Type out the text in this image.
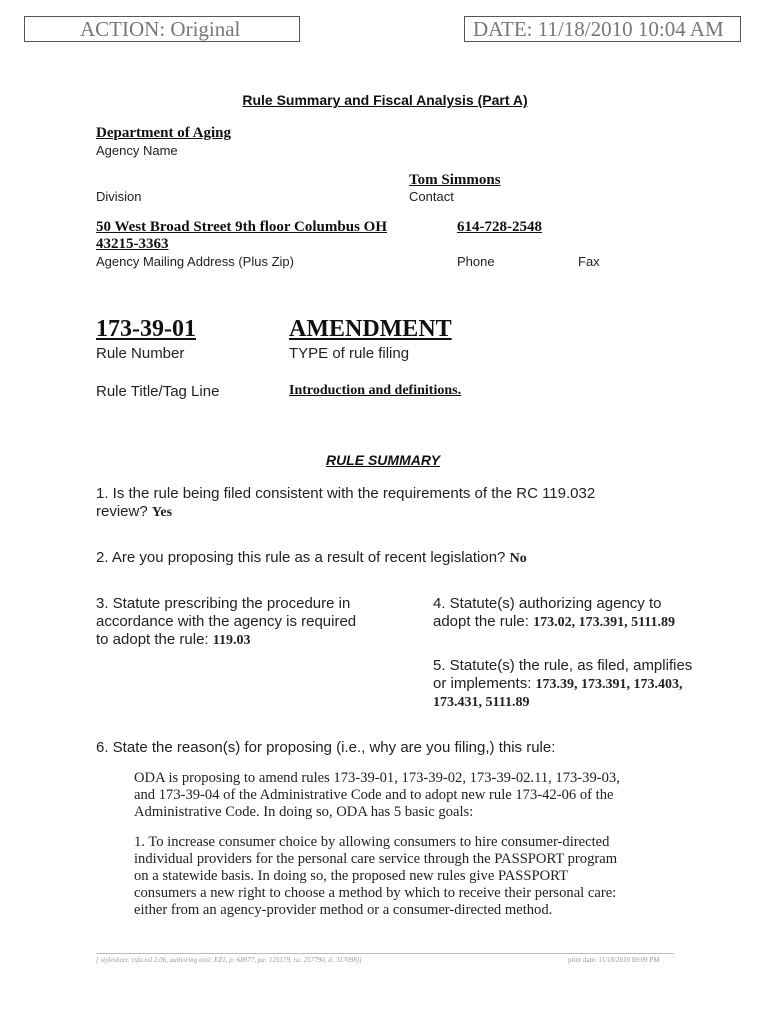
ACTION: Original	DATE: 11/18/2010 10:04 AM
Rule Summary and Fiscal Analysis (Part A)
Department of Aging
Agency Name
Tom Simmons
Division	Contact
50 West Broad Street 9th floor Columbus OH
43215-3363
614-728-2548
Agency Mailing Address (Plus Zip)	Phone	Fax
173-39-01	AMENDMENT
Rule Number	TYPE of rule filing
Rule Title/Tag Line	Introduction and definitions.
RULE SUMMARY
1. Is the rule being filed consistent with the requirements of the RC 119.032
review? Yes
2. Are you proposing this rule as a result of recent legislation? No
3. Statute prescribing the procedure in
accordance with the agency is required
to adopt the rule: 119.03
4. Statute(s) authorizing agency to
adopt the rule: 173.02, 173.391, 5111.89
5. Statute(s) the rule, as filed, amplifies
or implements: 173.39, 173.391, 173.403,
173.431, 5111.89
6. State the reason(s) for proposing (i.e., why are you filing,) this rule:
ODA is proposing to amend rules 173-39-01, 173-39-02, 173-39-02.11, 173-39-03,
and 173-39-04 of the Administrative Code and to adopt new rule 173-42-06 of the
Administrative Code. In doing so, ODA has 5 basic goals:
1. To increase consumer choice by allowing consumers to hire consumer-directed
individual providers for the personal care service through the PASSPORT program
on a statewide basis. In doing so, the proposed new rules give PASSPORT
consumers a new right to choose a method by which to receive their personal care:
either from an agency-provider method or a consumer-directed method.
[ stylesheet: rsfa.xsl 2.06, authoring tool: EZ1, p: 68977, pa: 125179, ra: 257790, d: 317098)]	print date: 11/18/2010 09:09 PM
